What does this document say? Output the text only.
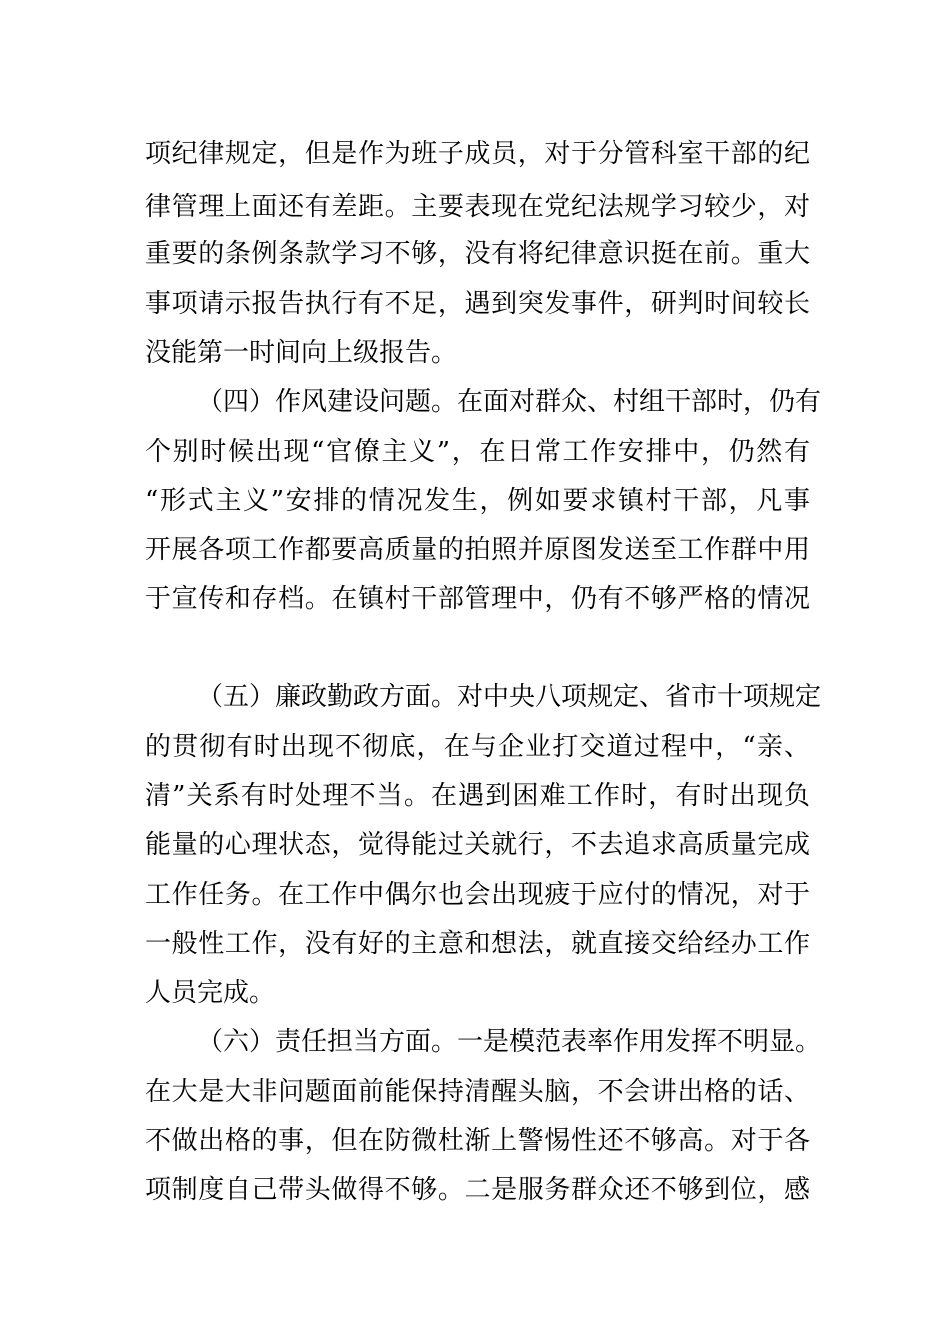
项纪律规定，但是作为班子成员，对于分管科室干部的纪
律管理上面还有差距。主要表现在党纪法规学习较少，对
重要的条例条款学习不够，没有将纪律意识挺在前。重大
事项请示报告执行有不足，遇到突发事件，研判时间较长
没能第一时间向上级报告。
（四）作风建设问题。在面对群众、村组干部时，仍有
个别时候出现“官僚主义”，在日常工作安排中，仍然有
“形式主义”安排的情况发生，例如要求镇村干部，凡事
开展各项工作都要高质量的拍照并原图发送至工作群中用
于宣传和存档。在镇村干部管理中，仍有不够严格的情况
（五）廉政勤政方面。对中央八项规定、省市十项规定
的贯彻有时出现不彻底，在与企业打交道过程中，“亲、
清”关系有时处理不当。在遇到困难工作时，有时出现负
能量的心理状态，觉得能过关就行，不去追求高质量完成
工作任务。在工作中偶尔也会出现疲于应付的情况，对于
一般性工作，没有好的主意和想法，就直接交给经办工作
人员完成。
（六）责任担当方面。一是模范表率作用发挥不明显。
在大是大非问题面前能保持清醒头脑，不会讲出格的话、
不做出格的事，但在防微杜渐上警惕性还不够高。对于各
项制度自己带头做得不够。二是服务群众还不够到位，感
